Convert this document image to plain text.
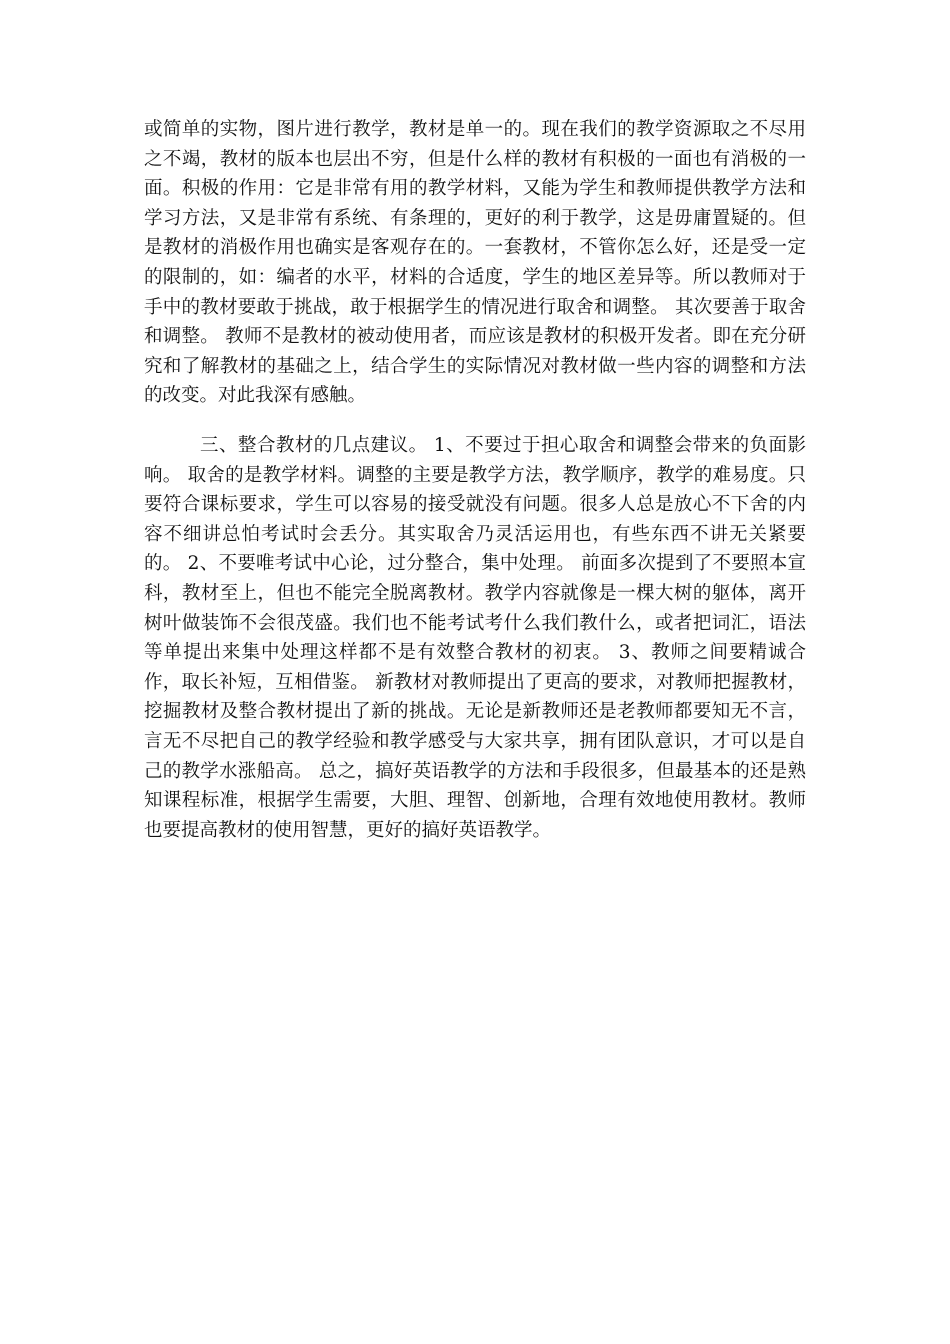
或简单的实物，图片进行教学，教材是单一的。现在我们的教学资源取之不尽用之不竭，教材的版本也层出不穷，但是什么样的教材有积极的一面也有消极的一面。积极的作用：它是非常有用的教学材料，又能为学生和教师提供教学方法和学习方法，又是非常有系统、有条理的，更好的利于教学，这是毋庸置疑的。但是教材的消极作用也确实是客观存在的。一套教材，不管你怎么好，还是受一定的限制的，如：编者的水平，材料的合适度，学生的地区差异等。所以教师对于手中的教材要敢于挑战，敢于根据学生的情况进行取舍和调整。 其次要善于取舍和调整。 教师不是教材的被动使用者，而应该是教材的积极开发者。即在充分研究和了解教材的基础之上，结合学生的实际情况对教材做一些内容的调整和方法的改变。对此我深有感触。

三、整合教材的几点建议。 1、不要过于担心取舍和调整会带来的负面影响。 取舍的是教学材料。调整的主要是教学方法，教学顺序，教学的难易度。只要符合课标要求，学生可以容易的接受就没有问题。很多人总是放心不下舍的内容不细讲总怕考试时会丢分。其实取舍乃灵活运用也，有些东西不讲无关紧要的。 2、不要唯考试中心论，过分整合，集中处理。 前面多次提到了不要照本宣科，教材至上，但也不能完全脱离教材。教学内容就像是一棵大树的躯体，离开树叶做装饰不会很茂盛。我们也不能考试考什么我们教什么，或者把词汇，语法等单提出来集中处理这样都不是有效整合教材的初衷。 3、教师之间要精诚合作，取长补短，互相借鉴。 新教材对教师提出了更高的要求，对教师把握教材，挖掘教材及整合教材提出了新的挑战。无论是新教师还是老教师都要知无不言，言无不尽把自己的教学经验和教学感受与大家共享，拥有团队意识，才可以是自己的教学水涨船高。 总之，搞好英语教学的方法和手段很多，但最基本的还是熟知课程标准，根据学生需要，大胆、理智、创新地，合理有效地使用教材。教师也要提高教材的使用智慧，更好的搞好英语教学。
